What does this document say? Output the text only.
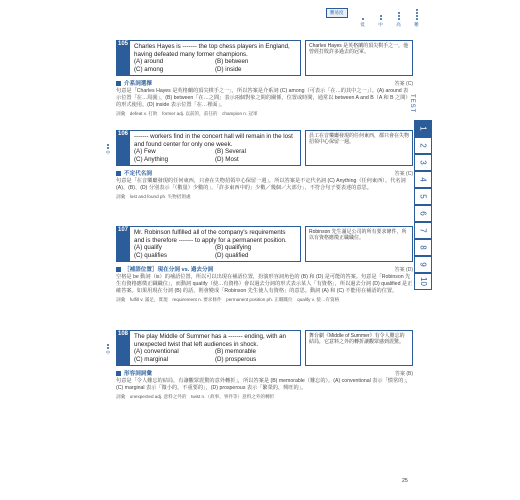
難易度
低	中	高	難
TEST
1
2
3
4
5
6
7
8
9
10
105 Charles Hayes is ------- the top chess players in England, having defeated many former champions.
(A) around	(B) between
(C) among	(D) inside
Charles Hayes 是英格蘭的頂尖棋手之一，他曾經打敗許多過去的冠軍。
介系詞選擇	答案 (C)
句意是「Charles Hayes 是英格蘭的頂尖棋手之一」，所以答案是介系詞 (C) among（可表示「在…的其中之一」）。(A) around 表示位置「在…周圍」，(B) between「在…之間」表示兩個對象之間的關係，位置或時間，通常以 between A and B（A 和 B 之間）的形式使用。(D) inside 表示位置「在…裡面」。
詞彙　defeat v. 打敗　former adj. 以前的，前任的　champion n. 冠軍
中
106 ------- workers find in the concert hall will remain in the lost and found center for only one week.
(A) Few	(B) Several
(C) Anything	(D) Most
員工在音樂廳發現的任何東西，都只會在失物招領中心保留一週。
不定代名詞	答案 (C)
句意是「在音樂廳發現的任何東西，只會在失物招領中心保留一週」，所以答案是不定代名詞 (C) Anything（任何東西）。代名詞 (A)、(B)、(D) 分別表示「（數量）少數的」、「許多東西中的」少數／幾個／大部分」，不符合句子要表達的意思。
詞彙　lost and found ph. 失物招領處
107 Mr. Robinson fulfilled all of the company's requirements and is therefore ------- to apply for a permanent position.
(A) qualify	(B) qualifying
(C) qualifies	(D) qualified
Robinson 先生滿足公司的所有要求條件，所以有資格應徵正職職位。
［補語位置］現在分詞 vs. 過去分詞	答案 (D)
空格是 be 動詞（is）的補語位置，所以可以出現在補語位置，扮演形容詞角色的 (B) 和 (D) 是可能的答案。句意是「Robinson 先生有資格應徵正職職位」，而動詞 qualify（使…有資格）會以過去分詞的形式表示某人「有資格」，所以過去分詞 (D) qualified 是正確答案。如果用現在分詞 (B) 的話，則會變成「Robinson 先生使人有資格」的意思。動詞 (A) 和 (C) 不能用在補語的位置。
詞彙　fulfill v. 滿足，實現　requirement n. 要求條件　permanent position ph. 正職職位　qualify v. 使…有資格
中
108 The play Middle of Summer has a ------- ending, with an unexpected twist that left audiences in shock.
(A) conventional	(B) memorable
(C) marginal	(D) prosperous
舞台劇《Middle of Summer》有令人難忘的結局，它意料之外的轉折讓觀眾感到震驚。
形容詞詞彙	答案 (B)
句意是「令人難忘的結局，有讓觀眾震驚的意外轉折」，所以答案是 (B) memorable（難忘的）。(A) conventional 表示「慣常的」，(C) marginal 表示「微小的，不重要的」，(D) prosperous 表示「繁榮的，興旺的」。
詞彙　unexpected adj. 意料之外的　twist n.（故事、事件等）意料之外的轉折
25
